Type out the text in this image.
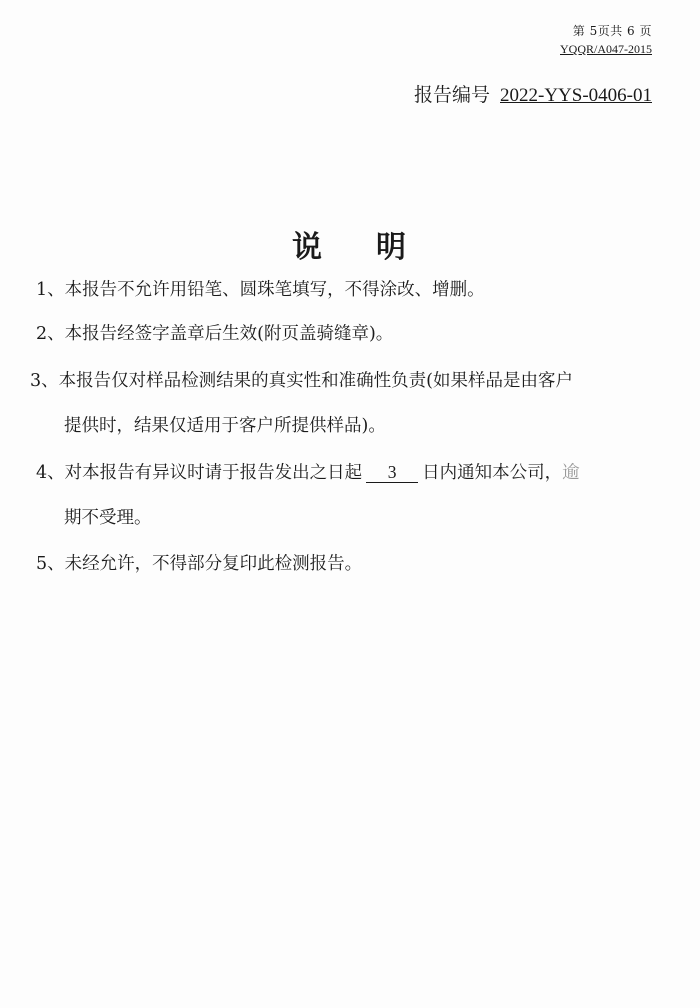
第 5页共 6 页
YQQR/A047-2015
报告编号 2022-YYS-0406-01
说 明
1、本报告不允许用铅笔、圆珠笔填写，不得涂改、增删。
2、本报告经签字盖章后生效(附页盖骑缝章)。
3、本报告仅对样品检测结果的真实性和准确性负责(如果样品是由客户
提供时，结果仅适用于客户所提供样品)。
4、对本报告有异议时请于报告发出之日起 3 日内通知本公司，逾
期不受理。
5、未经允许，不得部分复印此检测报告。
